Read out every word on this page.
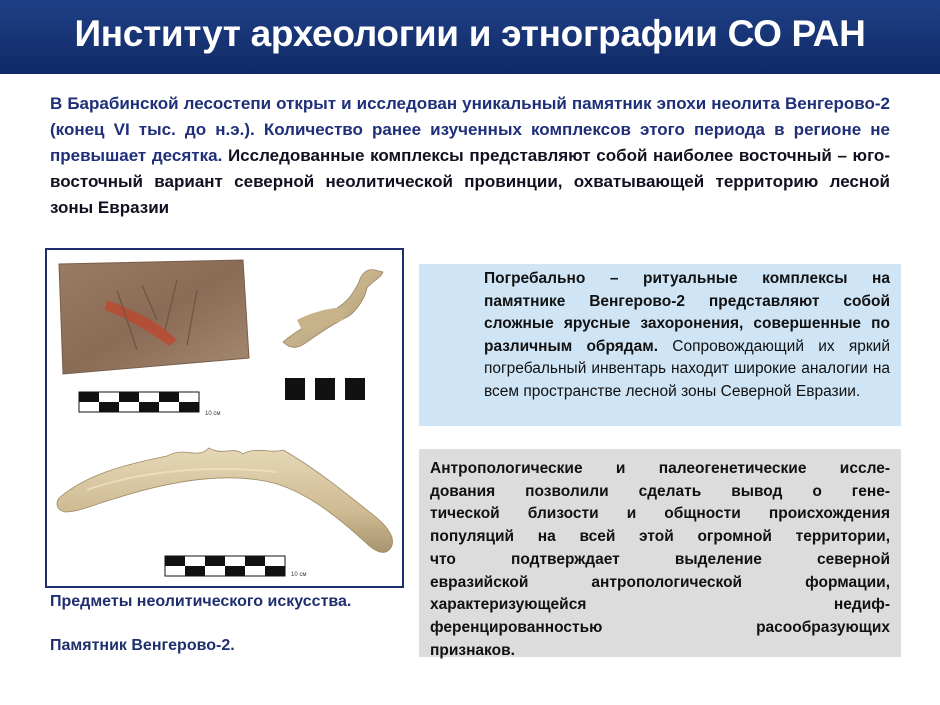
Институт археологии и этнографии СО РАН
В Барабинской лесостепи открыт и исследован уникальный памятник эпохи неолита Венгерово-2 (конец VI тыс. до н.э.). Количество ранее изученных комплексов этого периода в регионе не превышает десятка. Исследованные комплексы представляют собой наиболее восточный – юго-восточный вариант северной неолитической провинции, охватывающей территорию лесной зоны Евразии
10 см
10 см
Предметы неолитического искусства.
Памятник Венгерово-2.
Погребально – ритуальные комплексы на памятнике Венгерово-2 представляют собой сложные ярусные захоронения, совершенные по различным обрядам. Сопровождающий их яркий погребальный инвентарь находит широкие аналогии на всем пространстве лесной зоны Северной Евразии.
Антропологические и палеогенетические иссле-
дования позволили сделать вывод о гене-
тической близости и общности происхождения
популяций на всей этой огромной территории,
что подтверждает выделение северной
евразийской антропологической формации,
характеризующейся недиф-
ференцированностью расообразующих
признаков.
